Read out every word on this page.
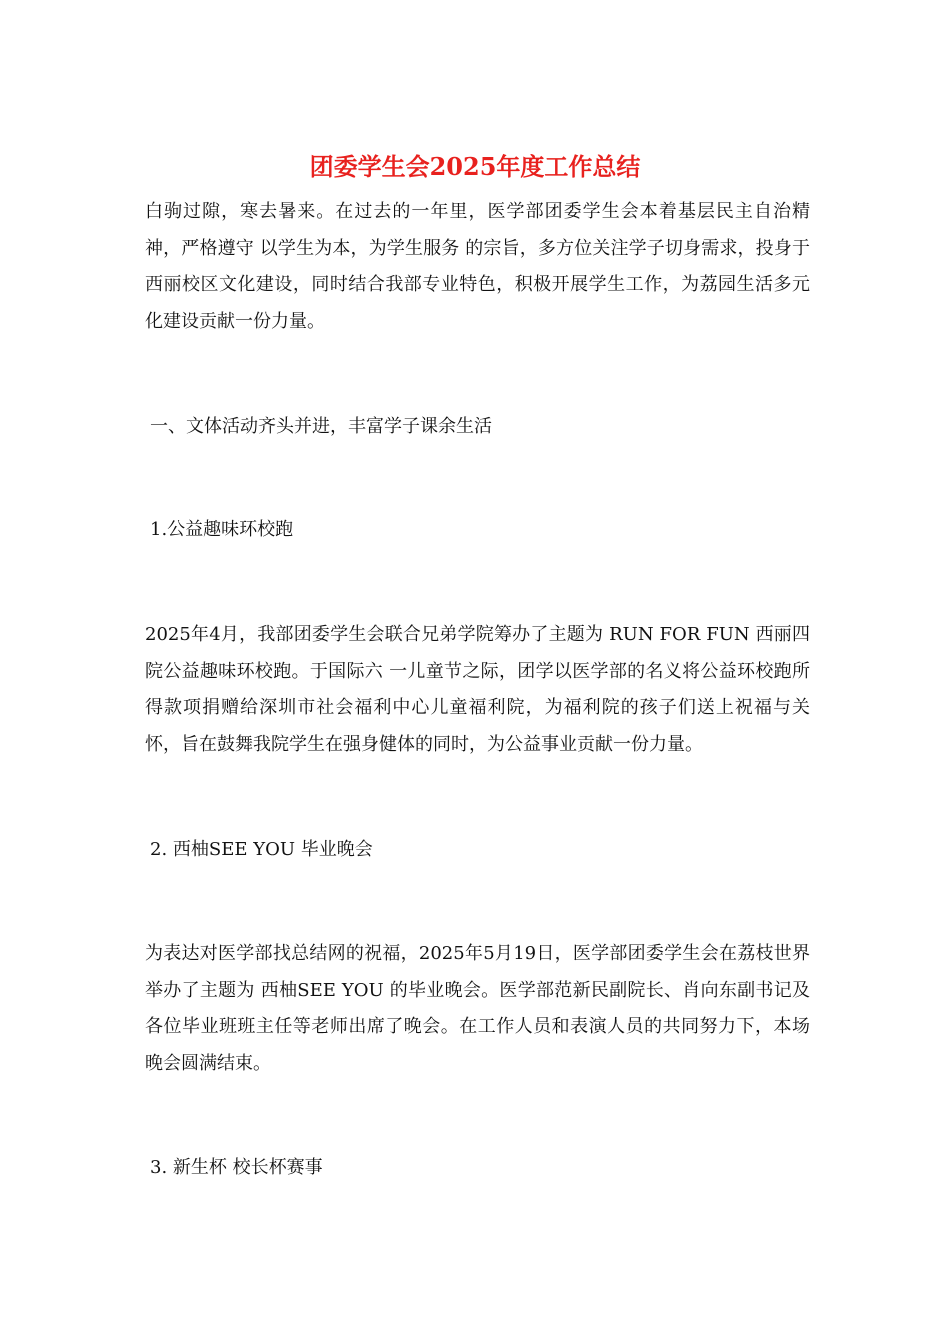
团委学生会2025年度工作总结

白驹过隙，寒去暑来。在过去的一年里，医学部团委学生会本着基层民主自治精神，严格遵守 以学生为本，为学生服务 的宗旨，多方位关注学子切身需求，投身于西丽校区文化建设，同时结合我部专业特色，积极开展学生工作，为荔园生活多元化建设贡献一份力量。

一、文体活动齐头并进，丰富学子课余生活
1.公益趣味环校跑

2025年4月，我部团委学生会联合兄弟学院筹办了主题为 RUN FOR FUN 西丽四院公益趣味环校跑。于国际六 一儿童节之际，团学以医学部的名义将公益环校跑所得款项捐赠给深圳市社会福利中心儿童福利院，为福利院的孩子们送上祝福与关怀，旨在鼓舞我院学生在强身健体的同时，为公益事业贡献一份力量。

2. 西柚SEE YOU 毕业晚会

为表达对医学部找总结网的祝福，2025年5月19日，医学部团委学生会在荔枝世界举办了主题为 西柚SEE YOU 的毕业晚会。医学部范新民副院长、肖向东副书记及各位毕业班班主任等老师出席了晚会。在工作人员和表演人员的共同努力下，本场晚会圆满结束。

3. 新生杯 校长杯赛事
